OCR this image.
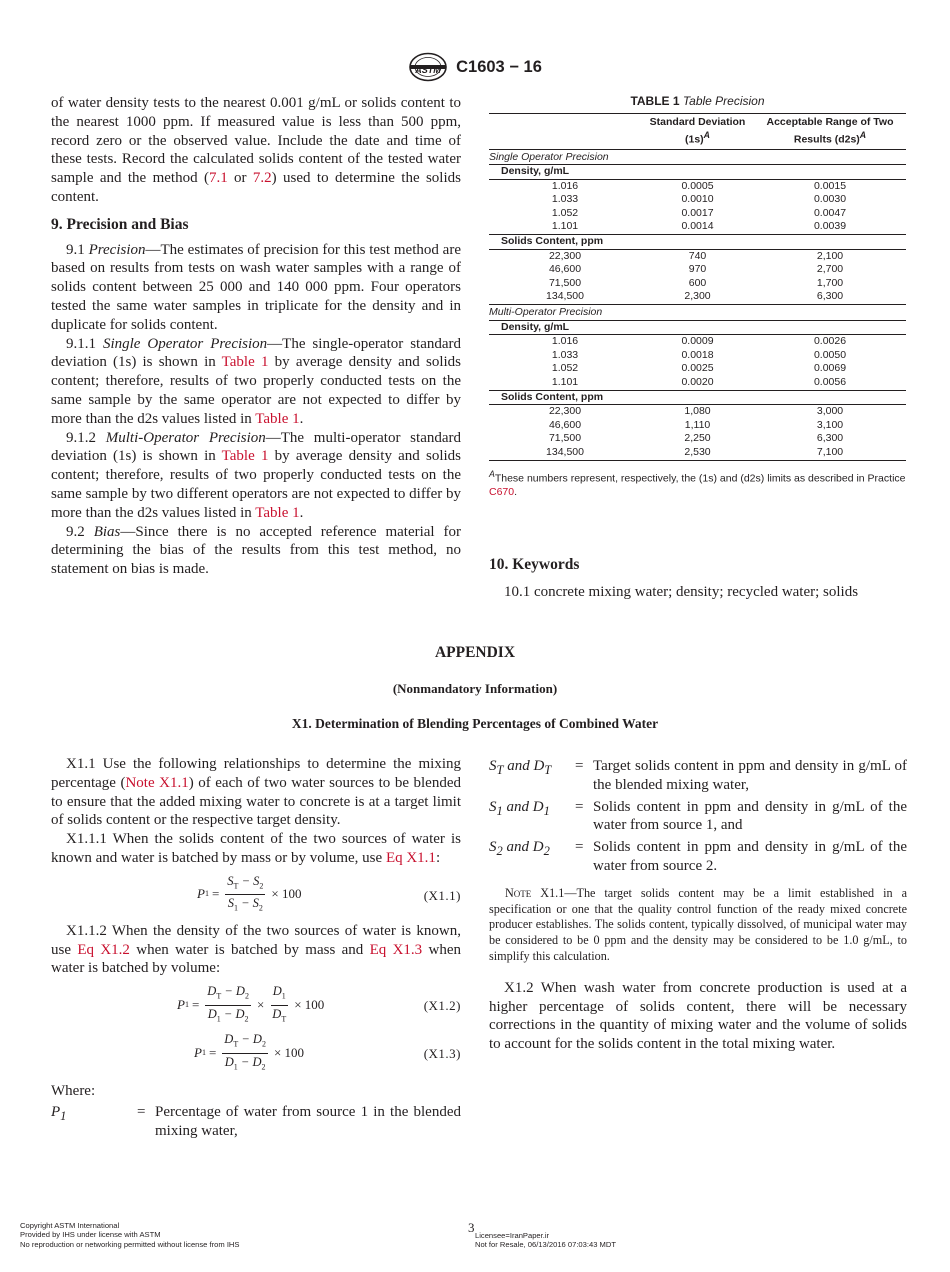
ASTM C1603 − 16

of water density tests to the nearest 0.001 g/mL or solids content to the nearest 1000 ppm. If measured value is less than 500 ppm, record zero or the observed value. Include the date and time of these tests. Record the calculated solids content of the tested water sample and the method (7.1 or 7.2) used to determine the solids content.

9. Precision and Bias

9.1 Precision—The estimates of precision for this test method are based on results from tests on wash water samples with a range of solids content between 25 000 and 140 000 ppm. Four operators tested the same water samples in triplicate for the density and in duplicate for solids content.

9.1.1 Single Operator Precision—The single-operator standard deviation (1s) is shown in Table 1 by average density and solids content; therefore, results of two properly conducted tests on the same sample by the same operator are not expected to differ by more than the d2s values listed in Table 1.

9.1.2 Multi-Operator Precision—The multi-operator standard deviation (1s) is shown in Table 1 by average density and solids content; therefore, results of two properly conducted tests on the same sample by two different operators are not expected to differ by more than the d2s values listed in Table 1.

9.2 Bias—Since there is no accepted reference material for determining the bias of the results from this test method, no statement on bias is made.

TABLE 1 Table Precision
	Standard Deviation $(1s)^A$	Acceptable Range of Two Results $(d2s)^A$
Single Operator Precision		
Density, g/mL		
1.016	0.0005	0.0015
1.033	0.0010	0.0030
1.052	0.0017	0.0047
1.101	0.0014	0.0039
Solids Content, ppm		
22,300	740	2,100
46,600	970	2,700
71,500	600	1,700
134,500	2,300	6,300
Multi-Operator Precision		
Density, g/mL		
1.016	0.0009	0.0026
1.033	0.0018	0.0050
1.052	0.0025	0.0069
1.101	0.0020	0.0056
Solids Content, ppm		
22,300	1,080	3,000
46,600	1,110	3,100
71,500	2,250	6,300
134,500	2,530	7,100
$^A$These numbers represent, respectively, the (1s) and (d2s) limits as described in Practice C670.
10. Keywords

10.1 concrete mixing water; density; recycled water; solids

APPENDIX
(Nonmandatory Information)
X1. Determination of Blending Percentages of Combined Water

X1.1 Use the following relationships to determine the mixing percentage (Note X1.1) of each of two water sources to be blended to ensure that the added mixing water to concrete is at a target limit of solids content or the respective target density.

X1.1.1 When the solids content of the two sources of water is known and water is batched by mass or by volume, use Eq X1.1:

P $1 = \frac{S_T - S_2}{S_1 - S_2} \times 100$	(X1.1)

X1.1.2 When the density of the two sources of water is known, use Eq X1.2 when water is batched by mass and Eq X1.3 when water is batched by volume:

P $1 = \frac{D_T - D_2}{D_1 - D_2} \times \frac{D_1}{D_T} \times 100$	(X1.2)
P $1 = \frac{D_T - D_2}{D_1 - D_2} \times 100$	(X1.3)

Where:

$P_1$	= Percentage of water from source 1 in the blended mixing water,
$S_T$ and $D_T$	= Target solids content in ppm and density in g/mL of the blended mixing water,
$S_1$ and $D_1$	= Solids content in ppm and density in g/mL of the water from source 1, and
$S_2$ and $D_2$	= Solids content in ppm and density in g/mL of the water from source 2.

Note X1.1—The target solids content may be a limit established in a specification or one that the quality control function of the ready mixed concrete producer establishes. The solids content, typically dissolved, of municipal water may be considered to be 0 ppm and the density may be considered to be 1.0 g/mL, to simplify this calculation.

X1.2 When wash water from concrete production is used at a higher percentage of solids content, there will be necessary corrections in the quantity of mixing water and the volume of solids to account for the solids content in the total mixing water.

Copyright ASTM International
Provided by IHS under license with ASTM
No reproduction or networking permitted without license from IHS
3
Licensee=IranPaper.ir
Not for Resale, 06/13/2016 07:03:43 MDT
